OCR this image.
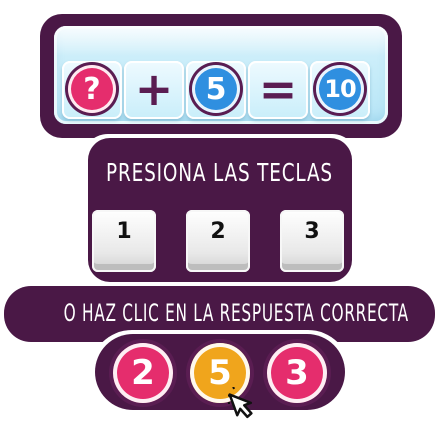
? +	5 =	10
PRESIONA LAS TECLAS
1	2	3
O HAZ CLIC EN LA RESPUESTA CORRECTA
2	5	3
